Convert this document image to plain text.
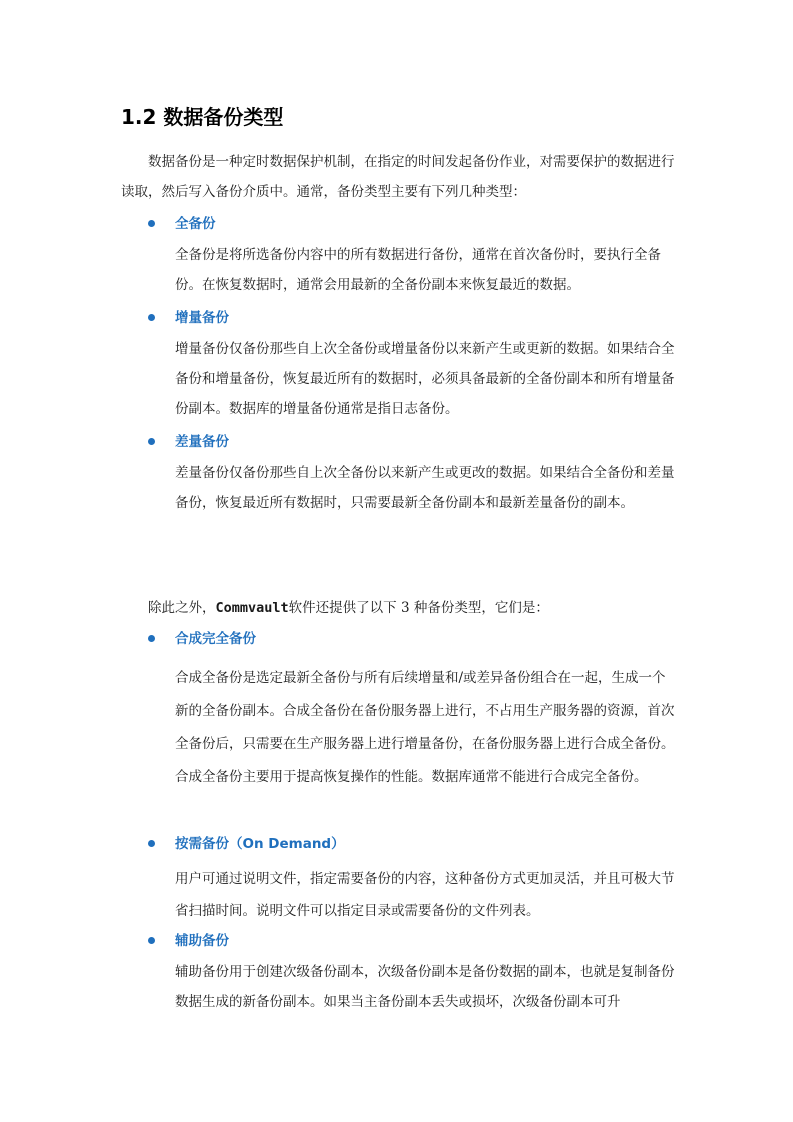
1.2 数据备份类型

数据备份是一种定时数据保护机制，在指定的时间发起备份作业，对需要保护的数据进行读取，然后写入备份介质中。通常，备份类型主要有下列几种类型：

全备份

全备份是将所选备份内容中的所有数据进行备份，通常在首次备份时，要执行全备份。在恢复数据时，通常会用最新的全备份副本来恢复最近的数据。

增量备份

增量备份仅备份那些自上次全备份或增量备份以来新产生或更新的数据。如果结合全备份和增量备份，恢复最近所有的数据时，必须具备最新的全备份副本和所有增量备份副本。数据库的增量备份通常是指日志备份。

差量备份

差量备份仅备份那些自上次全备份以来新产生或更改的数据。如果结合全备份和差量备份，恢复最近所有数据时，只需要最新全备份副本和最新差量备份的副本。

除此之外，Commvault软件还提供了以下 3 种备份类型，它们是：

合成完全备份

合成全备份是选定最新全备份与所有后续增量和/或差异备份组合在一起，生成一个新的全备份副本。合成全备份在备份服务器上进行，不占用生产服务器的资源，首次全备份后，只需要在生产服务器上进行增量备份，在备份服务器上进行合成全备份。合成全备份主要用于提高恢复操作的性能。数据库通常不能进行合成完全备份。

按需备份（On Demand）

用户可通过说明文件，指定需要备份的内容，这种备份方式更加灵活，并且可极大节省扫描时间。说明文件可以指定目录或需要备份的文件列表。

辅助备份

辅助备份用于创建次级备份副本，次级备份副本是备份数据的副本，也就是复制备份数据生成的新备份副本。如果当主备份副本丢失或损坏，次级备份副本可升
